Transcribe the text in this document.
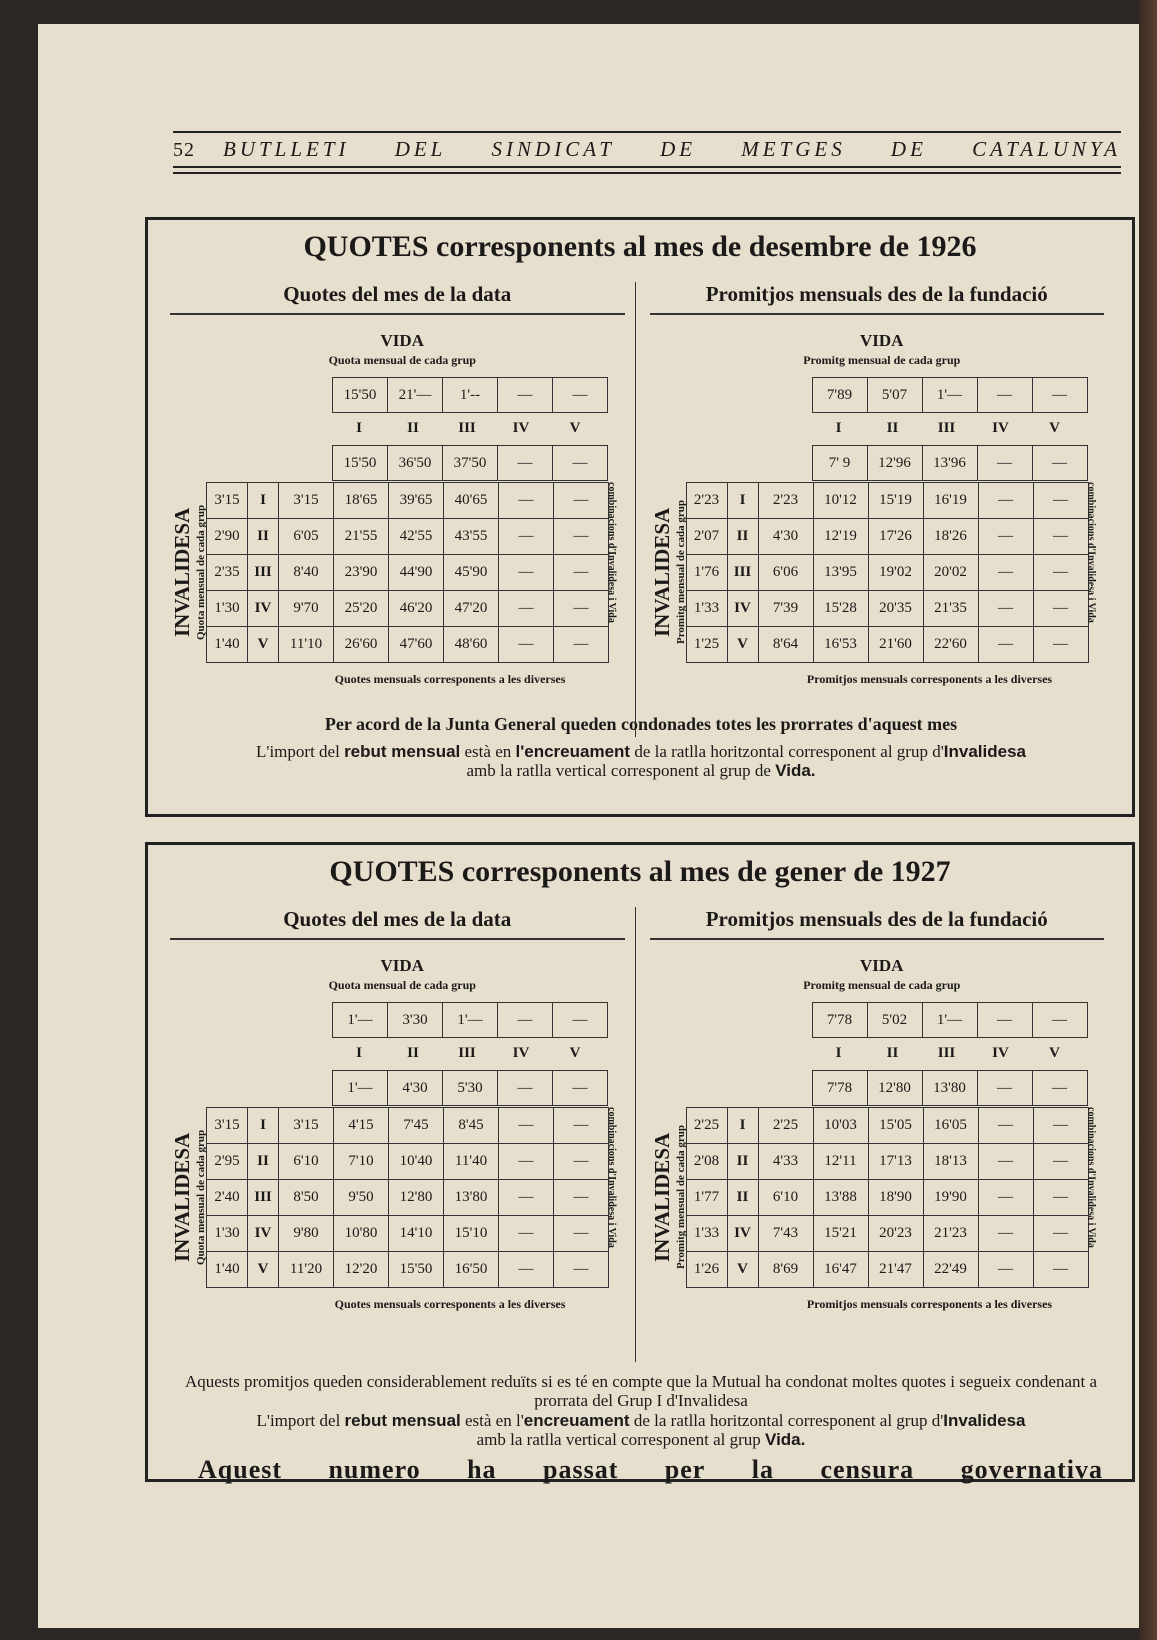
52 BUTLLETI DEL SINDICAT DE METGES DE CATALUNYA
QUOTES corresponents al mes de desembre de 1926
Quotes del mes de la data
VIDA
Quota mensual de cada grup
15'50	21'—	1'--	—	—
I	II	III	IV	V
15'50	36'50	37'50	—	—
INVALIDESA Quota mensual de cada grup
3'15	I	3'15	18'65	39'65	40'65	—	—
2'90	II	6'05	21'55	42'55	43'55	—	—
2'35	III	8'40	23'90	44'90	45'90	—	—
1'30	IV	9'70	25'20	46'20	47'20	—	—
1'40	V	11'10	26'60	47'60	48'60	—	—
combinacions d'Invalidesa i Vida
Quotes mensuals corresponents a les diverses
Promitjos mensuals des de la fundació
VIDA
Promitg mensual de cada grup
7'89	5'07	1'—	—	—
I	II	III	IV	V
7' 9	12'96	13'96	—	—
INVALIDESA Promitg mensual de cada grup 2'23	I	2'23	10'12	15'19	16'19	—	—
2'07	II	4'30	12'19	17'26	18'26	—	—
1'76	III	6'06	13'95	19'02	20'02	—	—
1'33	IV	7'39	15'28	20'35	21'35	—	—
1'25	V	8'64	16'53	21'60	22'60	—	—
combinacions d'Invalidesa i Vida
Promitjos mensuals corresponents a les diverses
Per acord de la Junta General queden condonades totes les prorrates d'aquest mes
L'import del rebut mensual està en l'encreuament de la ratlla horitzontal corresponent al grup d'Invalidesa
amb la ratlla vertical corresponent al grup de Vida.
QUOTES corresponents al mes de gener de 1927
Quotes del mes de la data
VIDA
Quota mensual de cada grup
1'—	3'30	1'—	—	—
I	II	III	IV	V
1'—	4'30	5'30	—	—
INVALIDESA Quota mensual de cada grup
3'15	I	3'15	4'15	7'45	8'45	—	—
2'95	II	6'10	7'10	10'40	11'40	—	—
2'40	III	8'50	9'50	12'80	13'80	—	—
1'30	IV	9'80	10'80	14'10	15'10	—	—
1'40	V	11'20	12'20	15'50	16'50	—	—
combinacions d'Invalidesa i Vida
Quotes mensuals corresponents a les diverses
Promitjos mensuals des de la fundació
VIDA
Promitg mensual de cada grup
7'78	5'02	1'—	—	—
I	II	III	IV	V
7'78	12'80	13'80	—	—
INVALIDESA Promitg mensual de cada grup 2'25	I	2'25	10'03	15'05	16'05	—	—
2'08	II	4'33	12'11	17'13	18'13	—	—
1'77	II	6'10	13'88	18'90	19'90	—	—
1'33	IV	7'43	15'21	20'23	21'23	—	—
1'26	V	8'69	16'47	21'47	22'49	—	—
combinacions d'Invalidesa i Vida
Promitjos mensuals corresponents a les diverses
Aquests promitjos queden considerablement reduïts si es té en compte que la Mutual ha condonat moltes quotes i segueix condenant a prorrata del Grup I d'Invalidesa
L'import del rebut mensual està en l'encreuament de la ratlla horitzontal corresponent al grup d'Invalidesa
amb la ratlla vertical corresponent al grup Vida.
Aquest numero ha passat per la censura governativa
